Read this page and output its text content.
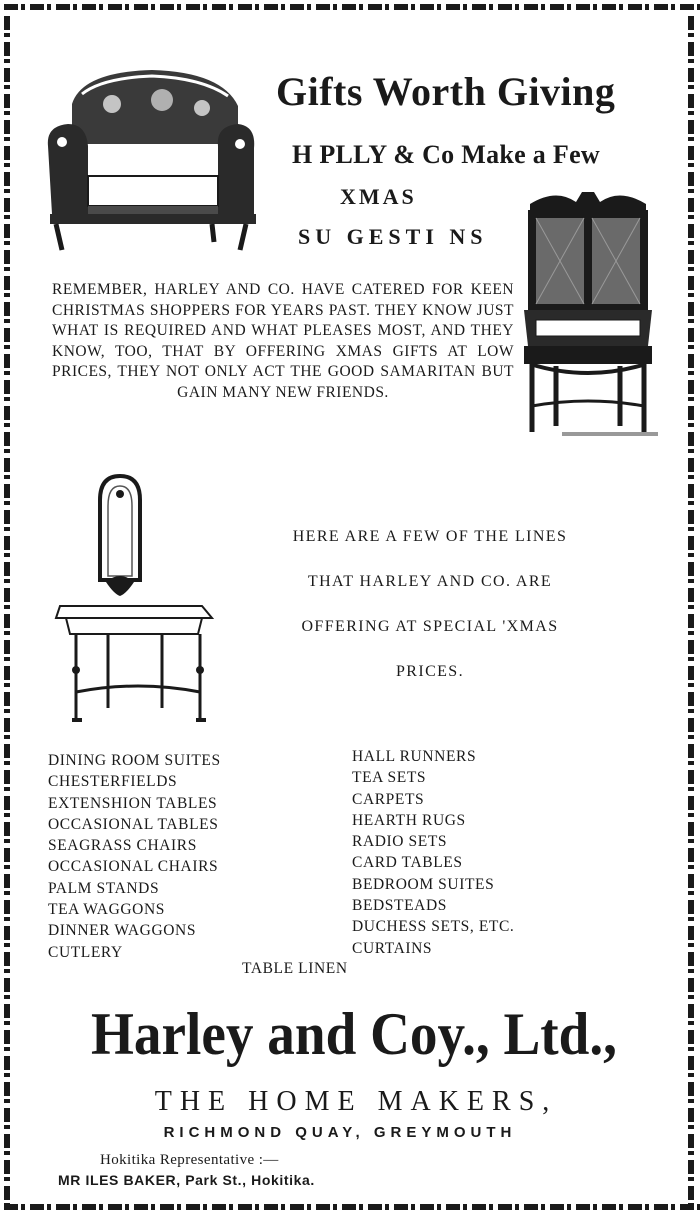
Gifts Worth Giving
H PLLY & Co Make a Few
XMAS
SU GESTI NS
REMEMBER, HARLEY AND CO. HAVE CATERED FOR KEEN CHRISTMAS SHOPPERS FOR YEARS PAST. THEY KNOW JUST WHAT IS REQUIRED AND WHAT PLEASES MOST, AND THEY KNOW, TOO, THAT BY OFFERING XMAS GIFTS AT LOW PRICES, THEY NOT ONLY ACT THE GOOD SAMARITAN BUT GAIN MANY NEW FRIENDS.
HERE ARE A FEW OF THE LINES
THAT HARLEY AND CO. ARE
OFFERING AT SPECIAL 'XMAS
PRICES.
DINING ROOM SUITES
CHESTERFIELDS
EXTENSHION TABLES
OCCASIONAL TABLES
SEAGRASS CHAIRS
OCCASIONAL CHAIRS
PALM STANDS
TEA WAGGONS
DINNER WAGGONS
CUTLERY
HALL RUNNERS
TEA SETS
CARPETS
HEARTH RUGS
RADIO SETS
CARD TABLES
BEDROOM SUITES
BEDSTEADS
DUCHESS SETS, ETC.
CURTAINS
TABLE LINEN
Harley and Coy., Ltd.,
THE HOME MAKERS,
RICHMOND QUAY, GREYMOUTH
Hokitika Representative :—
MR ILES BAKER, Park St., Hokitika.
